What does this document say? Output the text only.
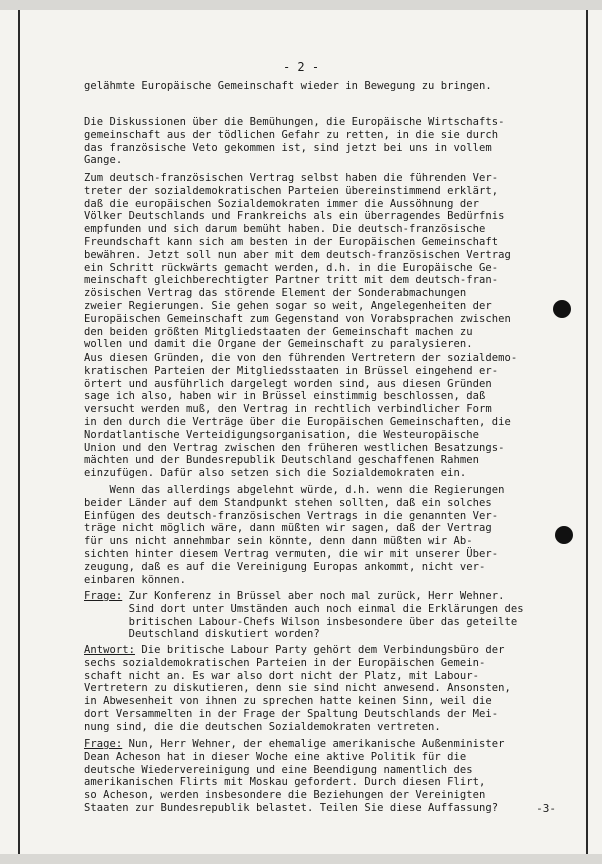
- 2 -
gelähmte Europäische Gemeinschaft wieder in Bewegung zu bringen.
Die Diskussionen über die Bemühungen, die Europäische Wirtschafts-
gemeinschaft aus der tödlichen Gefahr zu retten, in die sie durch
das französische Veto gekommen ist, sind jetzt bei uns in vollem
Gange.
Zum deutsch-französischen Vertrag selbst haben die führenden Ver-
treter der sozialdemokratischen Parteien übereinstimmend erklärt,
daß die europäischen Sozialdemokraten immer die Aussöhnung der
Völker Deutschlands und Frankreichs als ein überragendes Bedürfnis
empfunden und sich darum bemüht haben. Die deutsch-französische
Freundschaft kann sich am besten in der Europäischen Gemeinschaft
bewähren. Jetzt soll nun aber mit dem deutsch-französischen Vertrag
ein Schritt rückwärts gemacht werden, d.h. in die Europäische Ge-
meinschaft gleichberechtigter Partner tritt mit dem deutsch-fran-
zösischen Vertrag das störende Element der Sonderabmachungen
zweier Regierungen. Sie gehen sogar so weit, Angelegenheiten der
Europäischen Gemeinschaft zum Gegenstand von Vorabsprachen zwischen
den beiden größten Mitgliedstaaten der Gemeinschaft machen zu
wollen und damit die Organe der Gemeinschaft zu paralysieren.
Aus diesen Gründen, die von den führenden Vertretern der sozialdemo-
kratischen Parteien der Mitgliedsstaaten in Brüssel eingehend er-
örtert und ausführlich dargelegt worden sind, aus diesen Gründen
sage ich also, haben wir in Brüssel einstimmig beschlossen, daß
versucht werden muß, den Vertrag in rechtlich verbindlicher Form
in den durch die Verträge über die Europäischen Gemeinschaften, die
Nordatlantische Verteidigungsorganisation, die Westeuropäische
Union und den Vertrag zwischen den früheren westlichen Besatzungs-
mächten und der Bundesrepublik Deutschland geschaffenen Rahmen
einzufügen. Dafür also setzen sich die Sozialdemokraten ein.
Wenn das allerdings abgelehnt würde, d.h. wenn die Regierungen
beider Länder auf dem Standpunkt stehen sollten, daß ein solches
Einfügen des deutsch-französischen Vertrags in die genannten Ver-
träge nicht möglich wäre, dann müßten wir sagen, daß der Vertrag
für uns nicht annehmbar sein könnte, denn dann müßten wir Ab-
sichten hinter diesem Vertrag vermuten, die wir mit unserer Über-
zeugung, daß es auf die Vereinigung Europas ankommt, nicht ver-
einbaren können.
Frage: Zur Konferenz in Brüssel aber noch mal zurück, Herr Wehner.
Sind dort unter Umständen auch noch einmal die Erklärungen des
britischen Labour-Chefs Wilson insbesondere über das geteilte
Deutschland diskutiert worden?
Antwort: Die britische Labour Party gehört dem Verbindungsbüro der
sechs sozialdemokratischen Parteien in der Europäischen Gemein-
schaft nicht an. Es war also dort nicht der Platz, mit Labour-
Vertretern zu diskutieren, denn sie sind nicht anwesend. Ansonsten,
in Abwesenheit von ihnen zu sprechen hatte keinen Sinn, weil die
dort Versammelten in der Frage der Spaltung Deutschlands der Mei-
nung sind, die die deutschen Sozialdemokraten vertreten.
Frage: Nun, Herr Wehner, der ehemalige amerikanische Außenminister
Dean Acheson hat in dieser Woche eine aktive Politik für die
deutsche Wiedervereinigung und eine Beendigung namentlich des
amerikanischen Flirts mit Moskau gefordert. Durch diesen Flirt,
so Acheson, werden insbesondere die Beziehungen der Vereinigten
Staaten zur Bundesrepublik belastet. Teilen Sie diese Auffassung?	-3-
